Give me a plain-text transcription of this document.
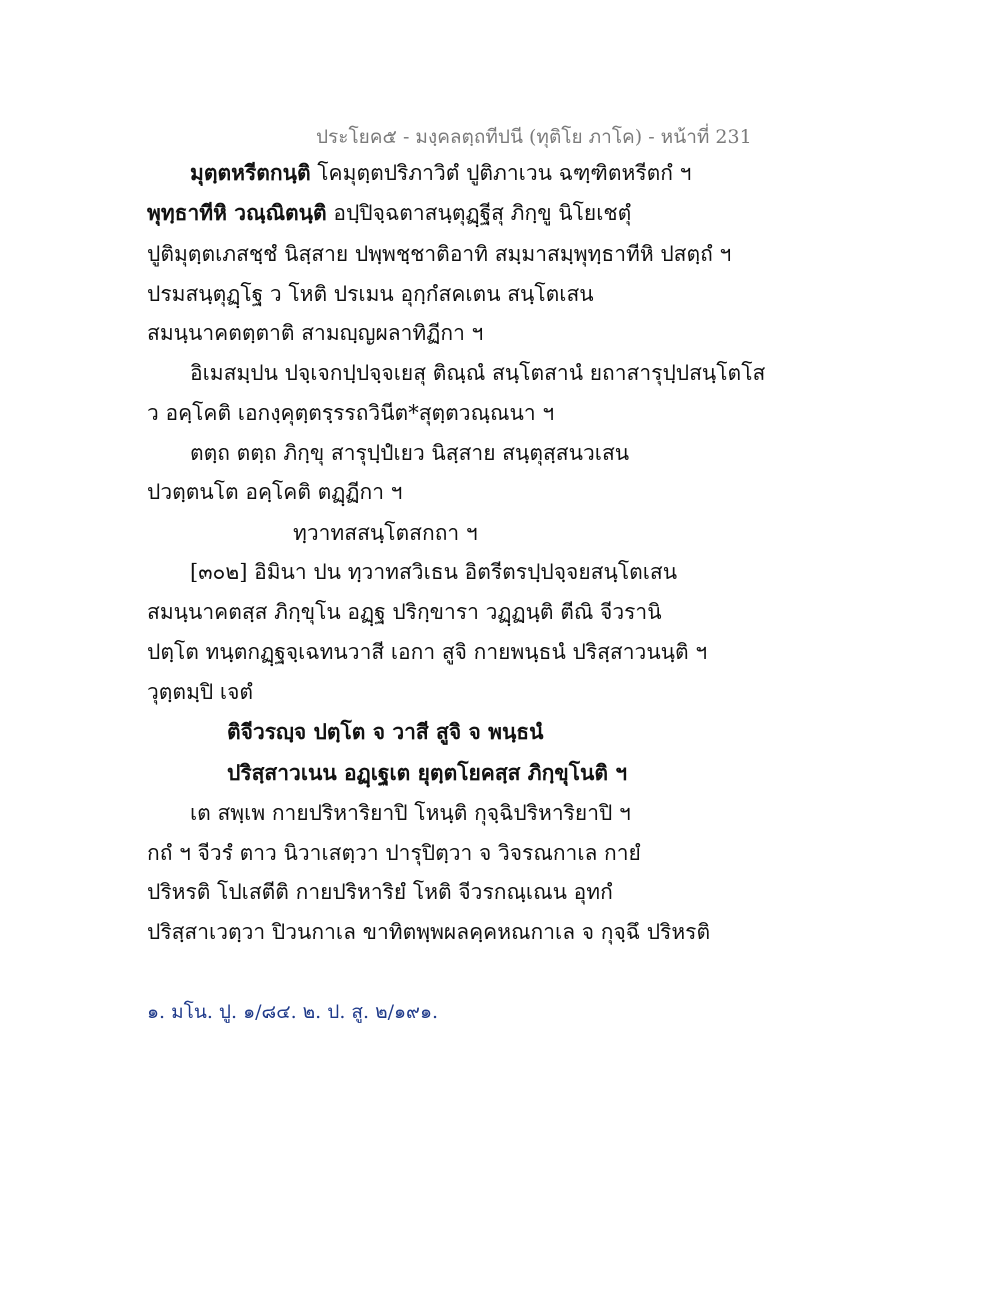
ประโยค๕ - มงฺคลตฺถทีปนี (ทุติโย ภาโค) - หน้าที่ 231
มุตฺตหรีตกนฺติ โคมุตฺตปริภาวิตํ ปูติภาเวน ฉฑฺฑิตหรีตกํ ฯ
พุทฺธาทีหิ วณฺณิตนฺติ อปฺปิจฺฉตาสนฺตุฏฺฐีสุ ภิกฺขู นิโยเชตุํ
ปูติมุตฺตเภสชฺชํ นิสฺสาย ปพฺพชฺชาติอาทิ สมฺมาสมฺพุทฺธาทีหิ ปสตฺถํ ฯ
ปรมสนฺตุฏฺโฐ ว โหติ ปรเมน อุกฺกํสคเตน สนฺโตเสน
สมนฺนาคตตฺตาติ สามญฺญผลาทิฏีกา ฯ
อิเมสมฺปน ปจฺเจกปฺปจฺจเยสุ ติณฺณํ สนฺโตสานํ ยถาสารุปฺปสนฺโตโส
ว อคฺโคติ เอกงฺคุตฺตรฺรรถวินีต*สุตฺตวณฺณนา ฯ
ตตฺถ ตตฺถ ภิกฺขุ สารุปฺปํเยว นิสฺสาย สนฺตุสฺสนวเสน
ปวตฺตนโต อคฺโคติ ตฏฺฏีกา ฯ
ทฺวาทสสนฺโตสกถา ฯ
[๓๐๒] อิมินา ปน ทฺวาทสวิเธน อิตรีตรปฺปจฺจยสนฺโตเสน
สมนฺนาคตสฺส ภิกฺขุโน อฏฺฐ ปริกฺขารา วฏฺฏนฺติ ตีณิ จีวรานิ
ปตฺโต ทนฺตกฏฺฐจฺเฉทนวาสี เอกา สูจิ กายพนฺธนํ ปริสฺสาวนนฺติ ฯ
วุตฺตมฺปิ เจตํ
ติจีวรญฺจ ปตฺโต จ วาสี สูจิ จ พนฺธนํ
ปริสฺสาวเนน อฏฺเฐเต ยุตฺตโยคสฺส ภิกฺขุโนติ ฯ
เต สพฺเพ กายปริหาริยาปิ โหนฺติ กุจฺฉิปริหาริยาปิ ฯ
กถํ ฯ จีวรํ ตาว นิวาเสตฺวา ปารุปิตฺวา จ วิจรณกาเล กายํ
ปริหรติ โปเสตีติ กายปริหาริยํ โหติ จีวรกณฺเณน อุทกํ
ปริสฺสาเวตฺวา ปิวนกาเล ขาทิตพฺพผลคฺคหณกาเล จ กุจฺฉึ ปริหรติ
๑. มโน. ปู. ๑/๘๔. ๒. ป. สู. ๒/๑๙๑.
